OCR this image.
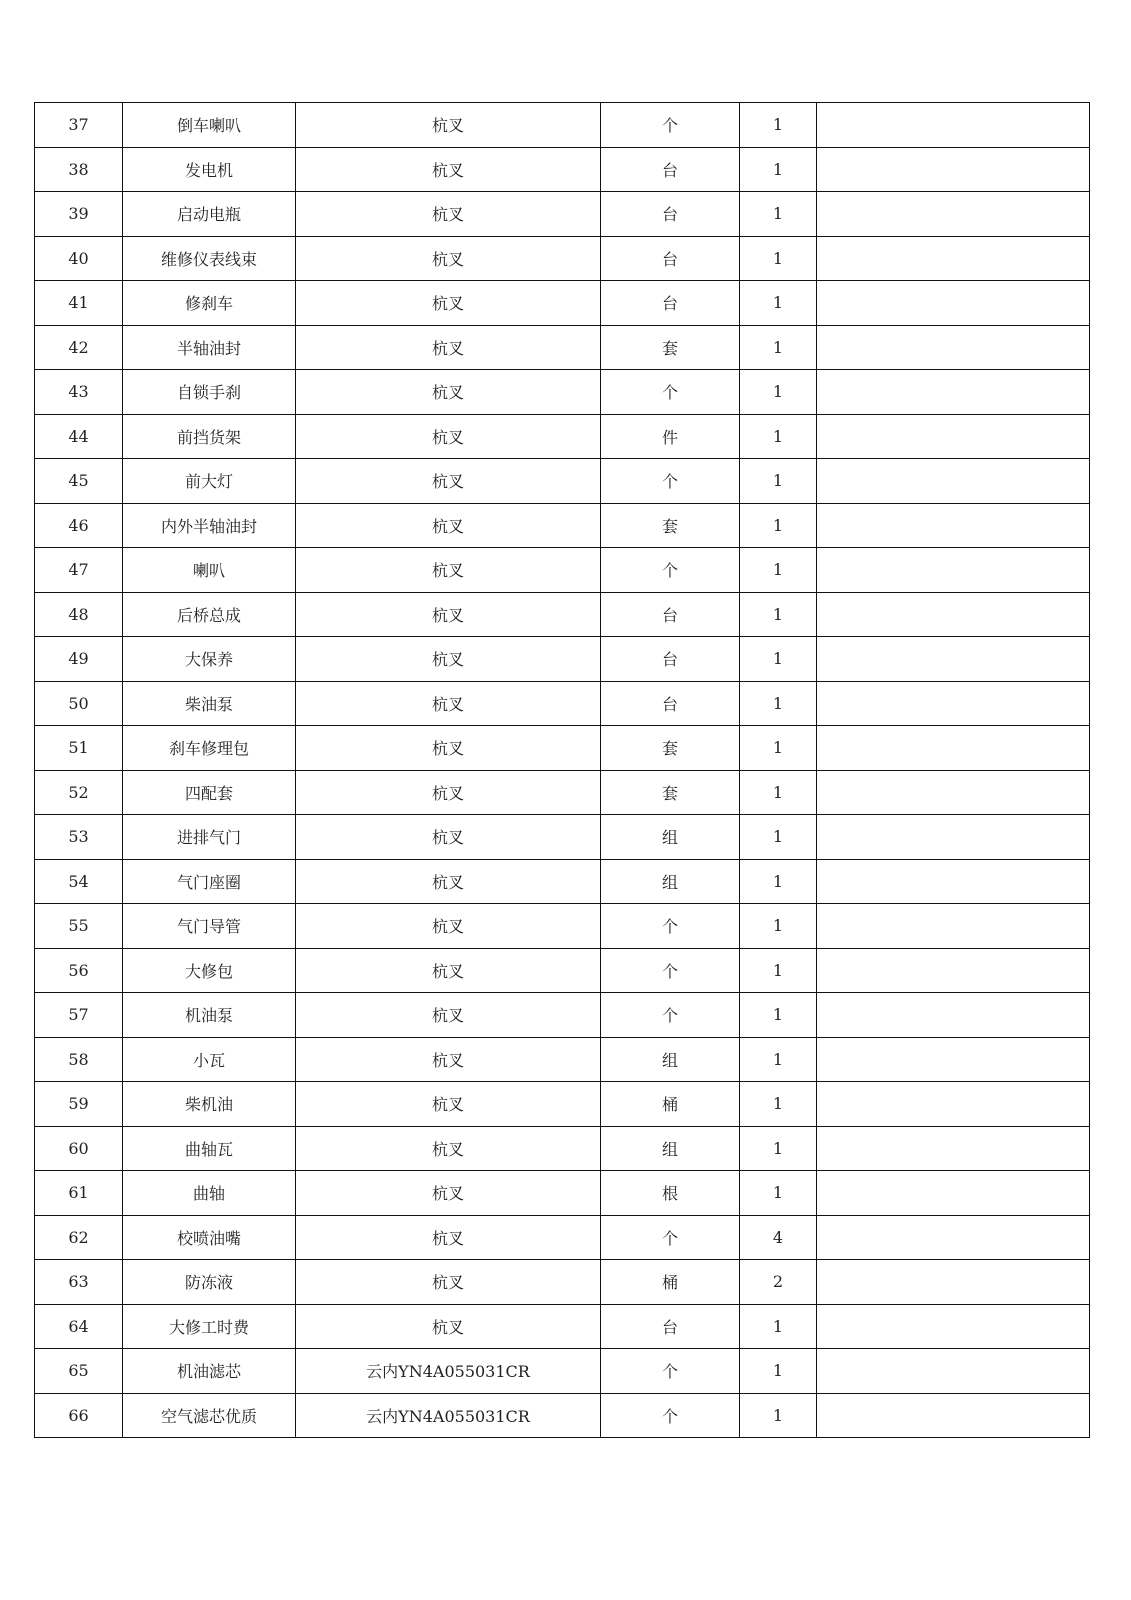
37	倒车喇叭	杭叉	个	1	
38	发电机	杭叉	台	1	
39	启动电瓶	杭叉	台	1	
40	维修仪表线束	杭叉	台	1	
41	修刹车	杭叉	台	1	
42	半轴油封	杭叉	套	1	
43	自锁手刹	杭叉	个	1	
44	前挡货架	杭叉	件	1	
45	前大灯	杭叉	个	1	
46	内外半轴油封	杭叉	套	1	
47	喇叭	杭叉	个	1	
48	后桥总成	杭叉	台	1	
49	大保养	杭叉	台	1	
50	柴油泵	杭叉	台	1	
51	刹车修理包	杭叉	套	1	
52	四配套	杭叉	套	1	
53	进排气门	杭叉	组	1	
54	气门座圈	杭叉	组	1	
55	气门导管	杭叉	个	1	
56	大修包	杭叉	个	1	
57	机油泵	杭叉	个	1	
58	小瓦	杭叉	组	1	
59	柴机油	杭叉	桶	1	
60	曲轴瓦	杭叉	组	1	
61	曲轴	杭叉	根	1	
62	校喷油嘴	杭叉	个	4	
63	防冻液	杭叉	桶	2	
64	大修工时费	杭叉	台	1	
65	机油滤芯	云内YN4A055031CR	个	1	
66	空气滤芯优质	云内YN4A055031CR	个	1	
